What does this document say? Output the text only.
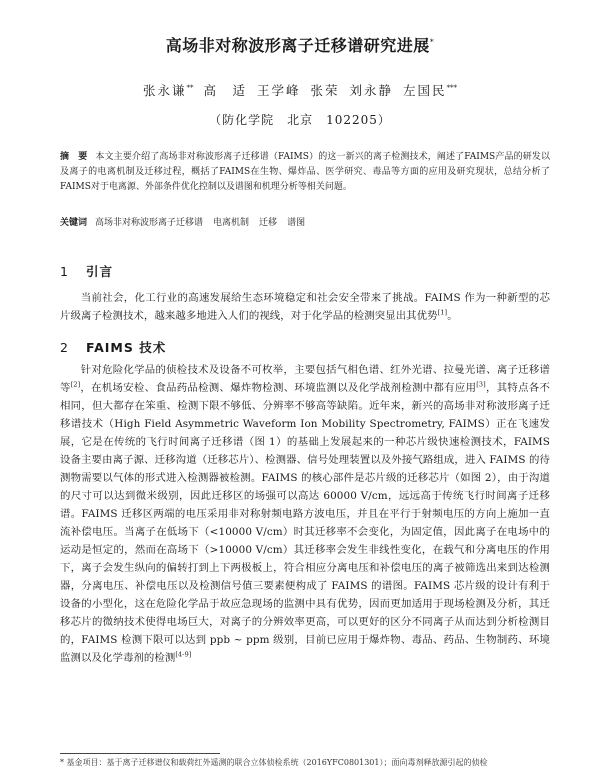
高场非对称波形离子迁移谱研究进展*
张永谦** 高　适 王学峰 张荣 刘永静 左国民***
（防化学院　北京　102205）
摘　要 本文主要介绍了高场非对称波形离子迁移谱（FAIMS）的这一新兴的离子检测技术，阐述了FAIMS产品的研发以及离子的电离机制及迁移过程，概括了FAIMS在生物、爆炸品、医学研究、毒品等方面的应用及研究现状，总结分析了FAIMS对于电离源、外部条件优化控制以及谱图和机理分析等相关问题。
关键词 高场非对称波形离子迁移谱 电离机制 迁移 谱图
1 引言
当前社会，化工行业的高速发展给生态环境稳定和社会安全带来了挑战。FAIMS 作为一种新型的芯片级离子检测技术，越来越多地进入人们的视线，对于化学品的检测突显出其优势[1]。
2 FAIMS 技术
针对危险化学品的侦检技术及设备不可枚举，主要包括气相色谱、红外光谱、拉曼光谱、离子迁移谱等[2]，在机场安检、食品药品检测、爆炸物检测、环境监测以及化学战剂检测中都有应用[3]，其特点各不相同，但大都存在笨重、检测下限不够低、分辨率不够高等缺陷。近年来，新兴的高场非对称波形离子迁移谱技术（High Field Asymmetric Waveform Ion Mobility Spectrometry, FAIMS）正在飞速发展，它是在传统的飞行时间离子迁移谱（图 1）的基础上发展起来的一种芯片级快速检测技术，FAIMS 设备主要由离子源、迁移沟道（迁移芯片）、检测器、信号处理装置以及外接气路组成，进入 FAIMS 的待测物需要以气体的形式进入检测器被检测。FAIMS 的核心部件是芯片级的迁移芯片（如图 2），由于沟道的尺寸可以达到微米级别，因此迁移区的场强可以高达 60000 V/cm，远远高于传统飞行时间离子迁移谱。FAIMS 迁移区两端的电压采用非对称射频电路方波电压，并且在平行于射频电压的方向上施加一直流补偿电压。当离子在低场下（<10000 V/cm）时其迁移率不会变化，为固定值，因此离子在电场中的运动是恒定的，然而在高场下（>10000 V/cm）其迁移率会发生非线性变化，在载气和分离电压的作用下，离子会发生纵向的偏转打到上下两极板上，符合相应分离电压和补偿电压的离子被筛选出来到达检测器，分离电压、补偿电压以及检测信号值三要素便构成了 FAIMS 的谱图。FAIMS 芯片级的设计有利于设备的小型化，这在危险化学品于故应急现场的监测中具有优势，因而更加适用于现场检测及分析，其迁移芯片的微纳技术使得电场巨大，对离子的分辨效率更高，可以更好的区分不同离子从而达到分析检测目的，FAIMS 检测下限可以达到 ppb ~ ppm 级别，目前已应用于爆炸物、毒品、药品、生物制药、环境监测以及化学毒剂的检测[4-9]
* 基金项目：基于离子迁移谱仪和载荷红外遥测的联合立体侦检系统（2016YFC0801301）；面向毒剂释放源引起的侦检
